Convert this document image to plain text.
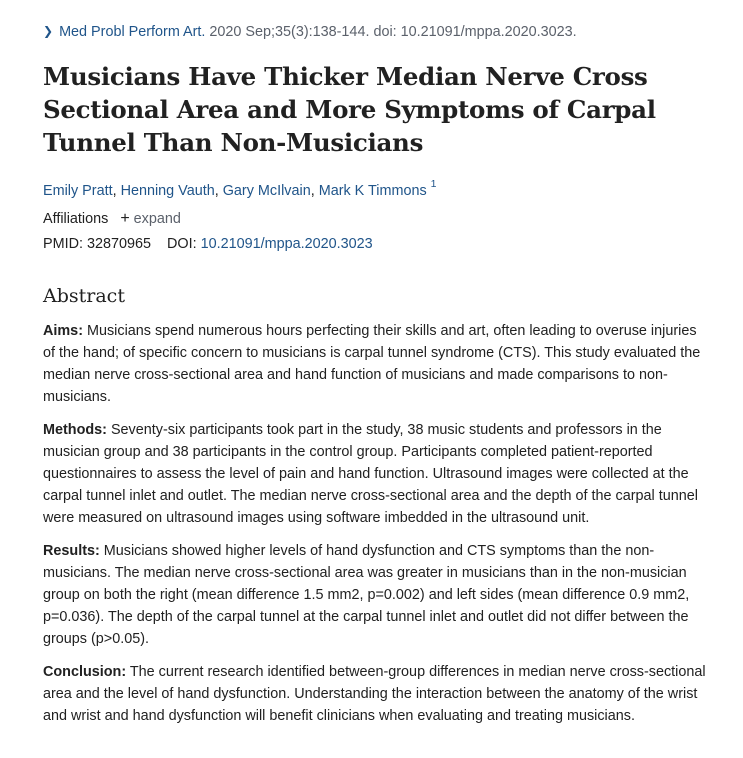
❯ Med Probl Perform Art. 2020 Sep;35(3):138-144. doi: 10.21091/mppa.2020.3023.
Musicians Have Thicker Median Nerve Cross Sectional Area and More Symptoms of Carpal Tunnel Than Non-Musicians
Emily Pratt, Henning Vauth, Gary McIlvain, Mark K Timmons $^1$
Affiliations + expand
PMID: 32870965 DOI: 10.21091/mppa.2020.3023
Abstract

Aims: Musicians spend numerous hours perfecting their skills and art, often leading to overuse injuries of the hand; of specific concern to musicians is carpal tunnel syndrome (CTS). This study evaluated the median nerve cross-sectional area and hand function of musicians and made comparisons to non-musicians.

Methods: Seventy-six participants took part in the study, 38 music students and professors in the musician group and 38 participants in the control group. Participants completed patient-reported questionnaires to assess the level of pain and hand function. Ultrasound images were collected at the carpal tunnel inlet and outlet. The median nerve cross-sectional area and the depth of the carpal tunnel were measured on ultrasound images using software imbedded in the ultrasound unit.

Results: Musicians showed higher levels of hand dysfunction and CTS symptoms than the non-musicians. The median nerve cross-sectional area was greater in musicians than in the non-musician group on both the right (mean difference 1.5 mm2, p=0.002) and left sides (mean difference 0.9 mm2, p=0.036). The depth of the carpal tunnel at the carpal tunnel inlet and outlet did not differ between the groups (p>0.05).

Conclusion: The current research identified between-group differences in median nerve cross-sectional area and the level of hand dysfunction. Understanding the interaction between the anatomy of the wrist and wrist and hand dysfunction will benefit clinicians when evaluating and treating musicians.
